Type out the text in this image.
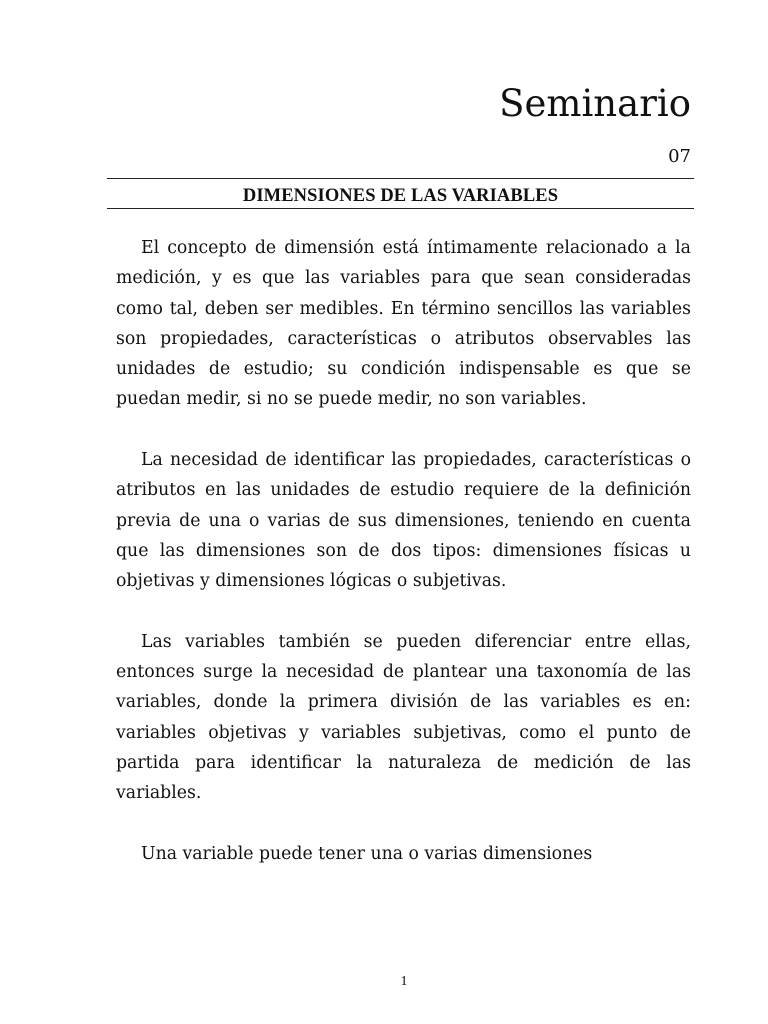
Seminario
07
DIMENSIONES DE LAS VARIABLES

El concepto de dimensión está íntimamente relacionado a la medición, y es que las variables para que sean consideradas como tal, deben ser medibles. En término sencillos las variables son propiedades, características o atributos observables las unidades de estudio; su condición indispensable es que se puedan medir, si no se puede medir, no son variables.

La necesidad de identificar las propiedades, características o atributos en las unidades de estudio requiere de la definición previa de una o varias de sus dimensiones, teniendo en cuenta que las dimensiones son de dos tipos: dimensiones físicas u objetivas y dimensiones lógicas o subjetivas.

Las variables también se pueden diferenciar entre ellas, entonces surge la necesidad de plantear una taxonomía de las variables, donde la primera división de las variables es en: variables objetivas y variables subjetivas, como el punto de partida para identificar la naturaleza de medición de las variables.

Una variable puede tener una o varias dimensiones

1
